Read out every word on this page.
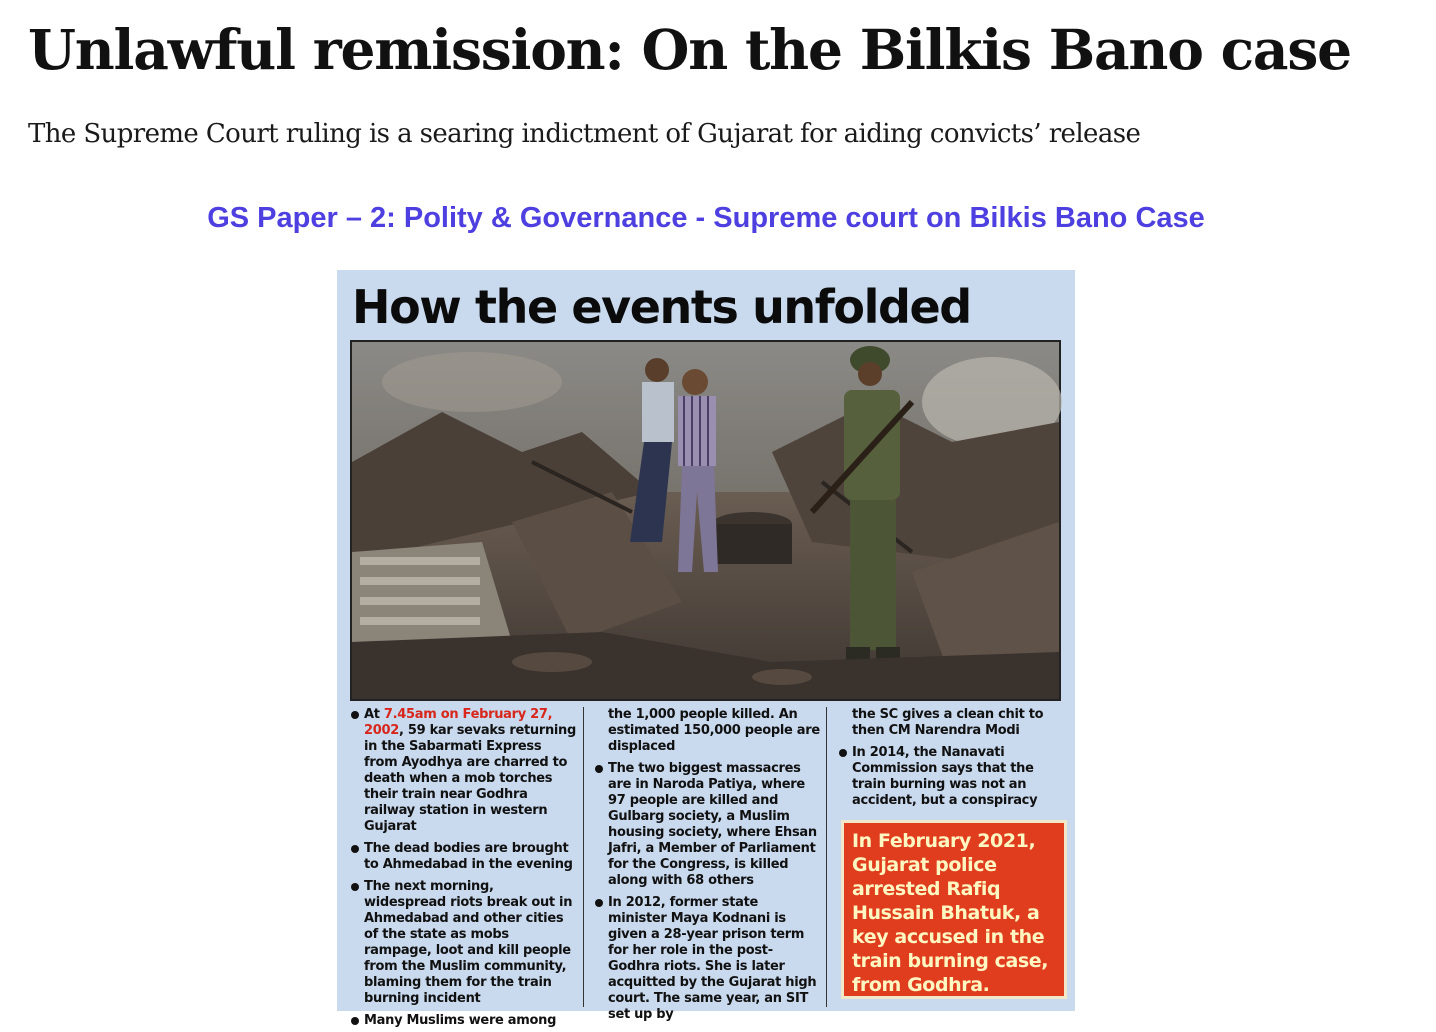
Unlawful remission: On the Bilkis Bano case

The Supreme Court ruling is a searing indictment of Gujarat for aiding convicts’ release

GS Paper – 2: Polity & Governance - Supreme court on Bilkis Bano Case

How the events unfolded

At 7.45am on February 27, 2002, 59 kar sevaks returning in the Sabarmati Express from Ayodhya are charred to death when a mob torches their train near Godhra railway station in western Gujarat

The dead bodies are brought to Ahmedabad in the evening

The next morning, widespread riots break out in Ahmedabad and other cities of the state as mobs rampage, loot and kill people from the Muslim community, blaming them for the train burning incident

Many Muslims were among

the 1,000 people killed. An estimated 150,000 people are displaced

The two biggest massacres are in Naroda Patiya, where 97 people are killed and Gulbarg society, a Muslim housing society, where Ehsan Jafri, a Member of Parliament for the Congress, is killed along with 68 others

In 2012, former state minister Maya Kodnani is given a 28-year prison term for her role in the post-Godhra riots. She is later acquitted by the Gujarat high court. The same year, an SIT set up by

the SC gives a clean chit to then CM Narendra Modi

In 2014, the Nanavati Commission says that the train burning was not an accident, but a conspiracy

In February 2021, Gujarat police arrested Rafiq Hussain Bhatuk, a key accused in the train burning case, from Godhra.
